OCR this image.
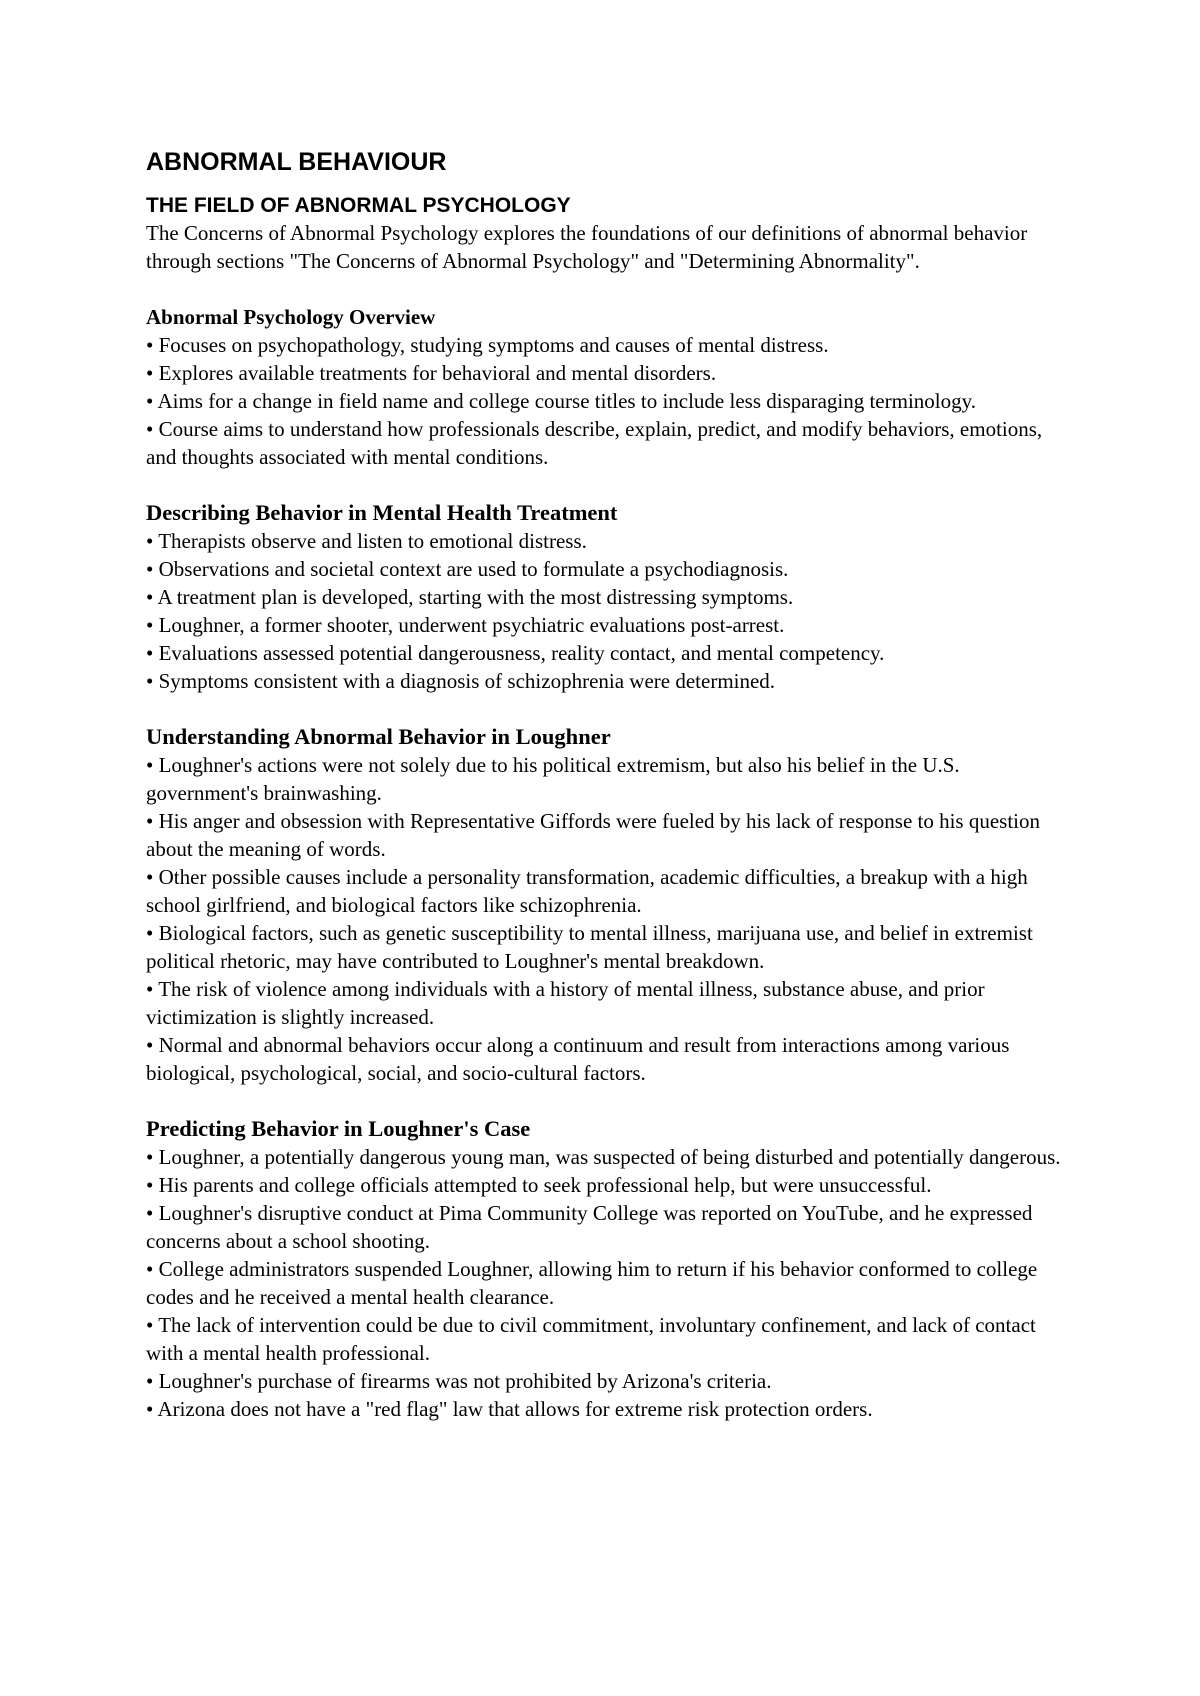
ABNORMAL BEHAVIOUR
THE FIELD OF ABNORMAL PSYCHOLOGY

The Concerns of Abnormal Psychology explores the foundations of our definitions of abnormal behavior through sections "The Concerns of Abnormal Psychology" and "Determining Abnormality".

Abnormal Psychology Overview
• Focuses on psychopathology, studying symptoms and causes of mental distress.
• Explores available treatments for behavioral and mental disorders.
• Aims for a change in field name and college course titles to include less disparaging terminology.
• Course aims to understand how professionals describe, explain, predict, and modify behaviors, emotions, and thoughts associated with mental conditions.
Describing Behavior in Mental Health Treatment
• Therapists observe and listen to emotional distress.
• Observations and societal context are used to formulate a psychodiagnosis.
• A treatment plan is developed, starting with the most distressing symptoms.
• Loughner, a former shooter, underwent psychiatric evaluations post-arrest.
• Evaluations assessed potential dangerousness, reality contact, and mental competency.
• Symptoms consistent with a diagnosis of schizophrenia were determined.
Understanding Abnormal Behavior in Loughner
• Loughner's actions were not solely due to his political extremism, but also his belief in the U.S. government's brainwashing.
• His anger and obsession with Representative Giffords were fueled by his lack of response to his question about the meaning of words.
• Other possible causes include a personality transformation, academic difficulties, a breakup with a high school girlfriend, and biological factors like schizophrenia.
• Biological factors, such as genetic susceptibility to mental illness, marijuana use, and belief in extremist political rhetoric, may have contributed to Loughner's mental breakdown.
• The risk of violence among individuals with a history of mental illness, substance abuse, and prior victimization is slightly increased.
• Normal and abnormal behaviors occur along a continuum and result from interactions among various biological, psychological, social, and socio-cultural factors.
Predicting Behavior in Loughner's Case
• Loughner, a potentially dangerous young man, was suspected of being disturbed and potentially dangerous.
• His parents and college officials attempted to seek professional help, but were unsuccessful.
• Loughner's disruptive conduct at Pima Community College was reported on YouTube, and he expressed concerns about a school shooting.
• College administrators suspended Loughner, allowing him to return if his behavior conformed to college codes and he received a mental health clearance.
• The lack of intervention could be due to civil commitment, involuntary confinement, and lack of contact with a mental health professional.
• Loughner's purchase of firearms was not prohibited by Arizona's criteria.
• Arizona does not have a "red flag" law that allows for extreme risk protection orders.
